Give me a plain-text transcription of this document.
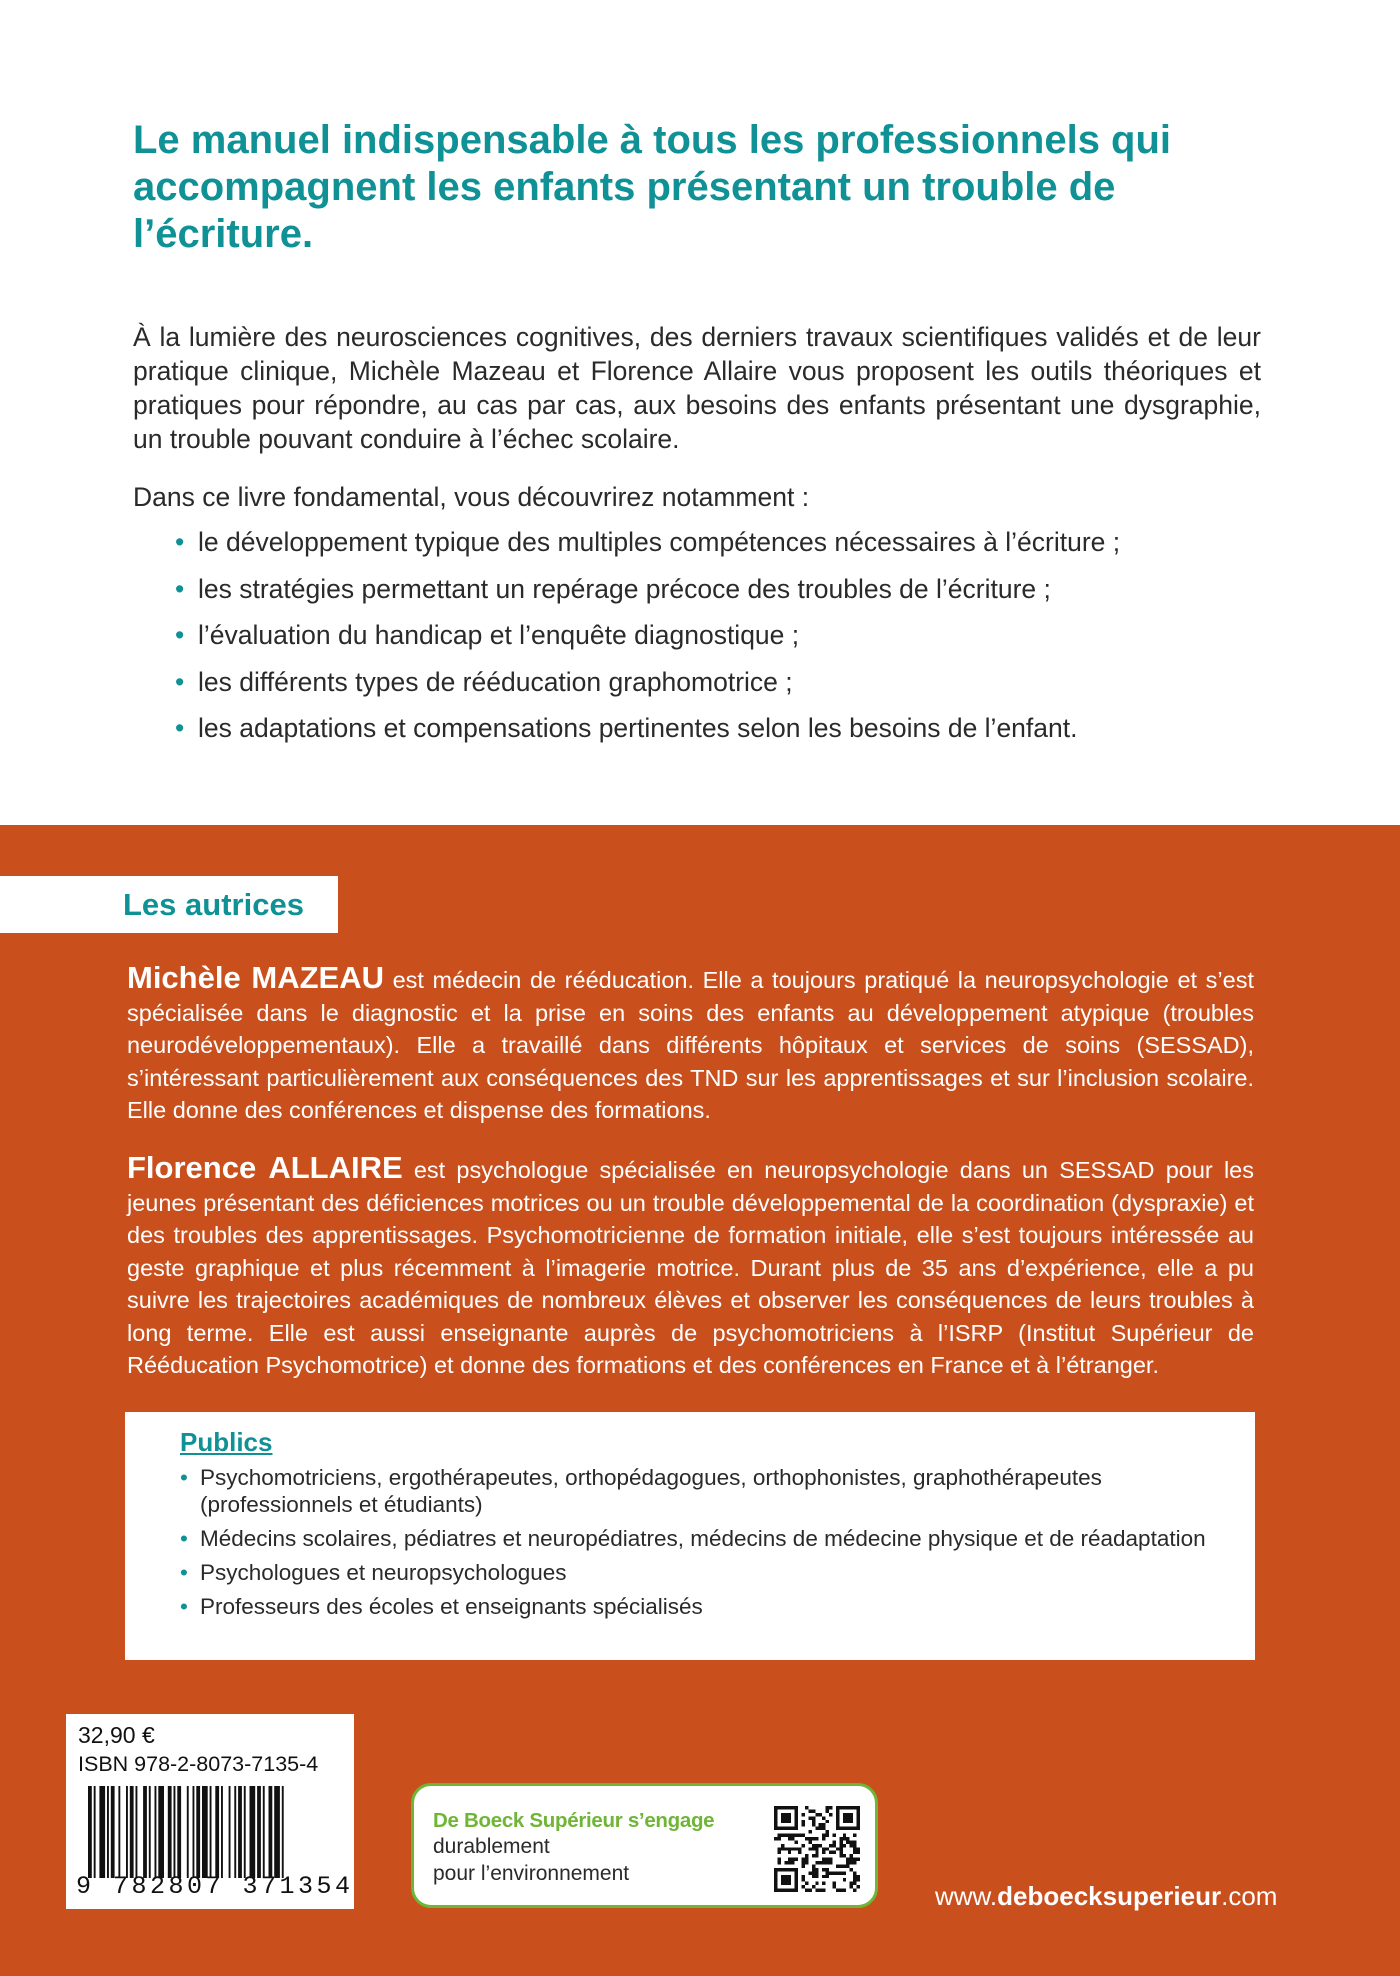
Le manuel indispensable à tous les professionnels qui accompagnent les enfants présentant un trouble de l’écriture.

À la lumière des neurosciences cognitives, des derniers travaux scientifiques validés et de leur pratique clinique, Michèle Mazeau et Florence Allaire vous proposent les outils théoriques et pratiques pour répondre, au cas par cas, aux besoins des enfants présentant une dysgraphie, un trouble pouvant conduire à l’échec scolaire.

Dans ce livre fondamental, vous découvrirez notamment :

• le développement typique des multiples compétences nécessaires à l’écriture ;
• les stratégies permettant un repérage précoce des troubles de l’écriture ;
• l’évaluation du handicap et l’enquête diagnostique ;
• les différents types de rééducation graphomotrice ;
• les adaptations et compensations pertinentes selon les besoins de l’enfant.
Les autrices

Michèle MAZEAU est médecin de rééducation. Elle a toujours pratiqué la neuropsychologie et s’est spécialisée dans le diagnostic et la prise en soins des enfants au développement atypique (troubles neurodéveloppementaux). Elle a travaillé dans différents hôpitaux et services de soins (SESSAD), s’intéressant particulièrement aux conséquences des TND sur les apprentissages et sur l’inclusion scolaire. Elle donne des conférences et dispense des formations.

Florence ALLAIRE est psychologue spécialisée en neuropsychologie dans un SESSAD pour les jeunes présentant des déficiences motrices ou un trouble développemental de la coordination (dyspraxie) et des troubles des apprentissages. Psychomotricienne de formation initiale, elle s’est toujours intéressée au geste graphique et plus récemment à l’imagerie motrice. Durant plus de 35 ans d’expérience, elle a pu suivre les trajectoires académiques de nombreux élèves et observer les conséquences de leurs troubles à long terme. Elle est aussi enseignante auprès de psychomotriciens à l’ISRP (Institut Supérieur de Rééducation Psychomotrice) et donne des formations et des conférences en France et à l’étranger.

Publics

• Psychomotriciens, ergothérapeutes, orthopédagogues, orthophonistes, graphothérapeutes (professionnels et étudiants)
• Médecins scolaires, pédiatres et neuropédiatres, médecins de médecine physique et de réadaptation
• Psychologues et neuropsychologues
• Professeurs des écoles et enseignants spécialisés

32,90 €

ISBN 978-2-8073-7135-4

9 782807 371354

De Boeck Supérieur s’engage

durablement

pour l’environnement

www.deboecksuperieur.com
